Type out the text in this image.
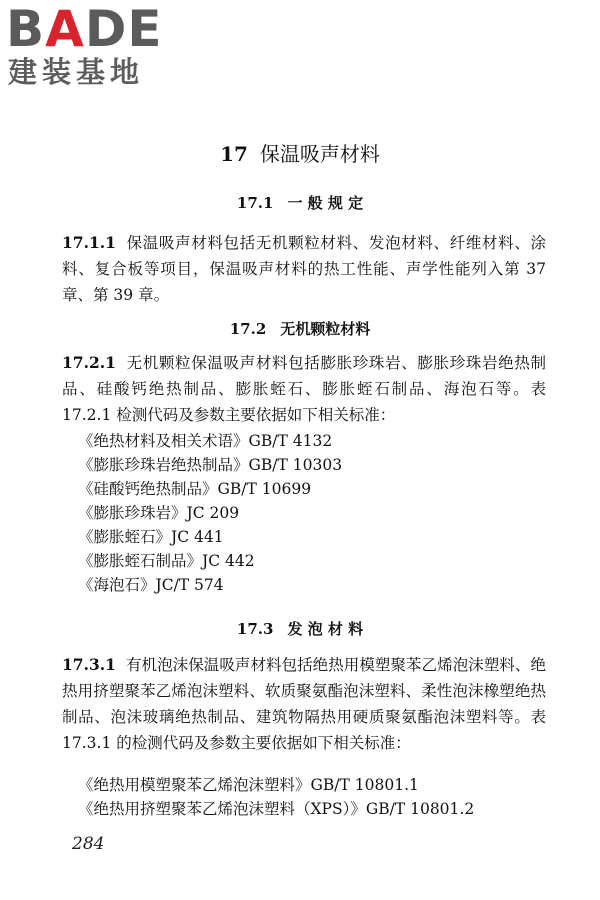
BADE
建装基地
17 保温吸声材料
17.1 一 般 规 定
17.1.1 保温吸声材料包括无机颗粒材料、发泡材料、纤维材料、涂料、复合板等项目，保温吸声材料的热工性能、声学性能列入第 37 章、第 39 章。
17.2 无机颗粒材料
17.2.1 无机颗粒保温吸声材料包括膨胀珍珠岩、膨胀珍珠岩绝热制品、硅酸钙绝热制品、膨胀蛭石、膨胀蛭石制品、海泡石等。表 17.2.1 检测代码及参数主要依据如下相关标准：
《绝热材料及相关术语》GB/T 4132
《膨胀珍珠岩绝热制品》GB/T 10303
《硅酸钙绝热制品》GB/T 10699
《膨胀珍珠岩》JC 209
《膨胀蛭石》JC 441
《膨胀蛭石制品》JC 442
《海泡石》JC/T 574
17.3 发 泡 材 料
17.3.1 有机泡沫保温吸声材料包括绝热用模塑聚苯乙烯泡沫塑料、绝热用挤塑聚苯乙烯泡沫塑料、软质聚氨酯泡沫塑料、柔性泡沫橡塑绝热制品、泡沫玻璃绝热制品、建筑物隔热用硬质聚氨酯泡沫塑料等。表 17.3.1 的检测代码及参数主要依据如下相关标准：
《绝热用模塑聚苯乙烯泡沫塑料》GB/T 10801.1
《绝热用挤塑聚苯乙烯泡沫塑料（XPS）》GB/T 10801.2
284
